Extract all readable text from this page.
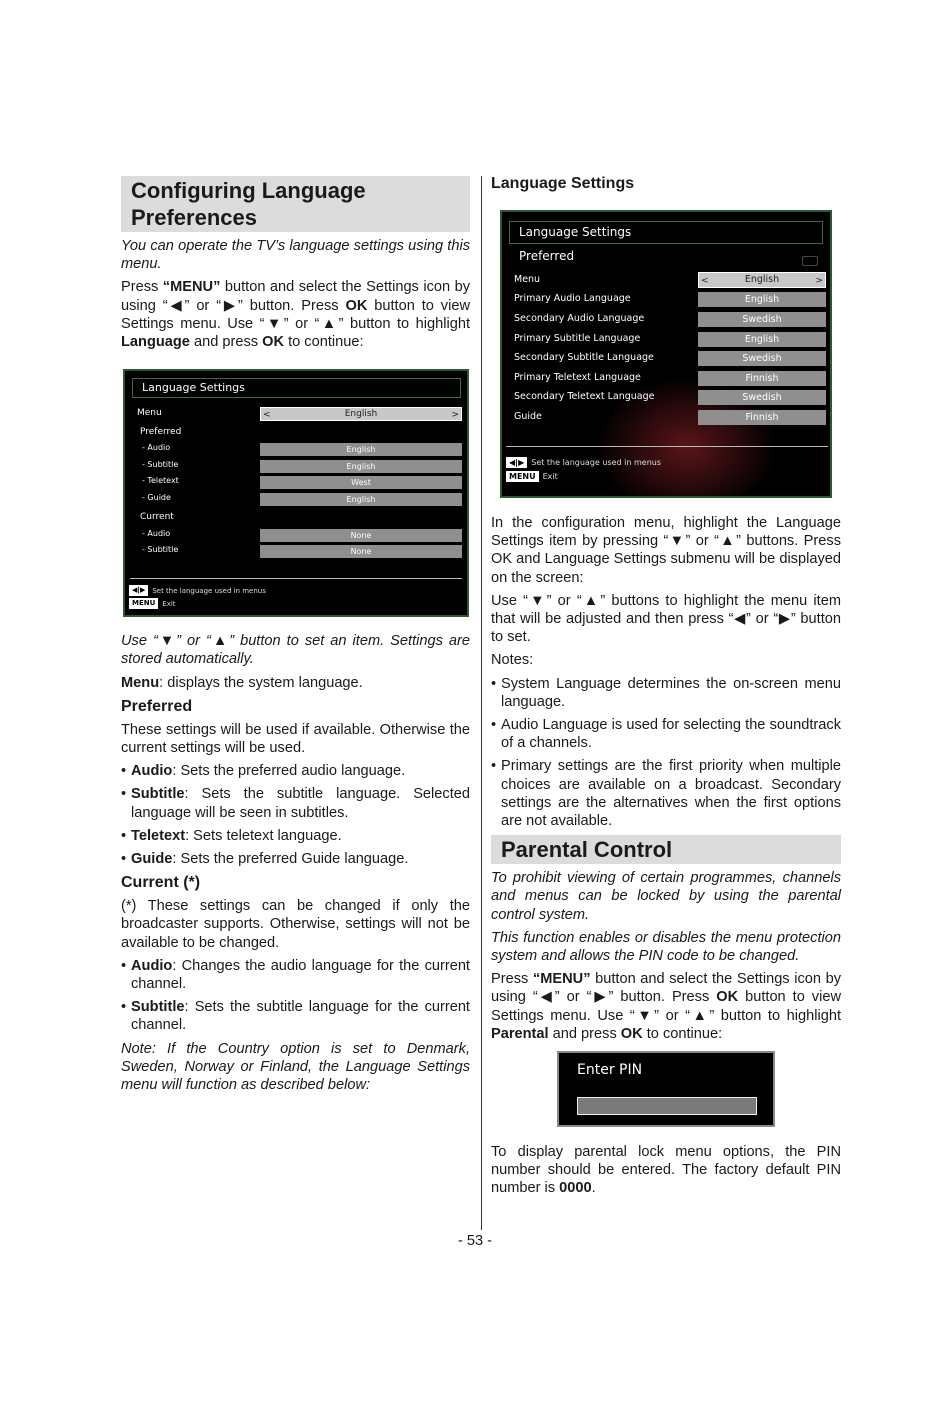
Configuring Language
Preferences

You can operate the TV’s language settings using this menu.

Press “MENU” button and select the Settings icon by using “◀” or “▶” button. Press OK button to view Settings menu. Use “▼” or “▲” button to highlight Language and press OK to continue:

Language Settings
Menu	<	English	>
Preferred
- Audio	English
- Subtitle	English
- Teletext	West
- Guide	English
Current
- Audio	None
- Subtitle	None
◀|▶	Set the language used in menus
MENU	Exit

Use “▼” or “▲” button to set an item. Settings are stored automatically.

Menu: displays the system language.

Preferred

These settings will be used if available. Otherwise the current settings will be used.

• Audio: Sets the preferred audio language.
• Subtitle: Sets the subtitle language. Selected language will be seen in subtitles.
• Teletext: Sets teletext language.
• Guide: Sets the preferred Guide language.
Current (*)

(*) These settings can be changed if only the broadcaster supports. Otherwise, settings will not be available to be changed.

• Audio: Changes the audio language for the current channel.
• Subtitle: Sets the subtitle language for the current channel.

Note: If the Country option is set to Denmark, Sweden, Norway or Finland, the Language Settings menu will function as described below:

Language Settings
Language Settings
Preferred
Menu	<	English	>
Primary Audio Language	English
Secondary Audio Language	Swedish
Primary Subtitle Language	English
Secondary Subtitle Language	Swedish
Primary Teletext Language	Finnish
Secondary Teletext Language	Swedish
Guide	Finnish
◀|▶ Set the language used in menus
MENU Exit

In the configuration menu, highlight the Language Settings item by pressing “▼” or “▲” buttons. Press OK and Language Settings submenu will be displayed on the screen:

Use “▼” or “▲” buttons to highlight the menu item that will be adjusted and then press “◀” or “▶” button to set.

Notes:

• System Language determines the on-screen menu language.
• Audio Language is used for selecting the soundtrack of a channels.
• Primary settings are the first priority when multiple choices are available on a broadcast. Secondary settings are the alternatives when the first options are not available.
Parental Control

To prohibit viewing of certain programmes, channels and menus can be locked by using the parental control system.

This function enables or disables the menu protection system and allows the PIN code to be changed.

Press “MENU” button and select the Settings icon by using “◀” or “▶” button. Press OK button to view Settings menu. Use “▼” or “▲” button to highlight Parental and press OK to continue:

Enter PIN

To display parental lock menu options, the PIN number should be entered. The factory default PIN number is 0000.

- 53 -
